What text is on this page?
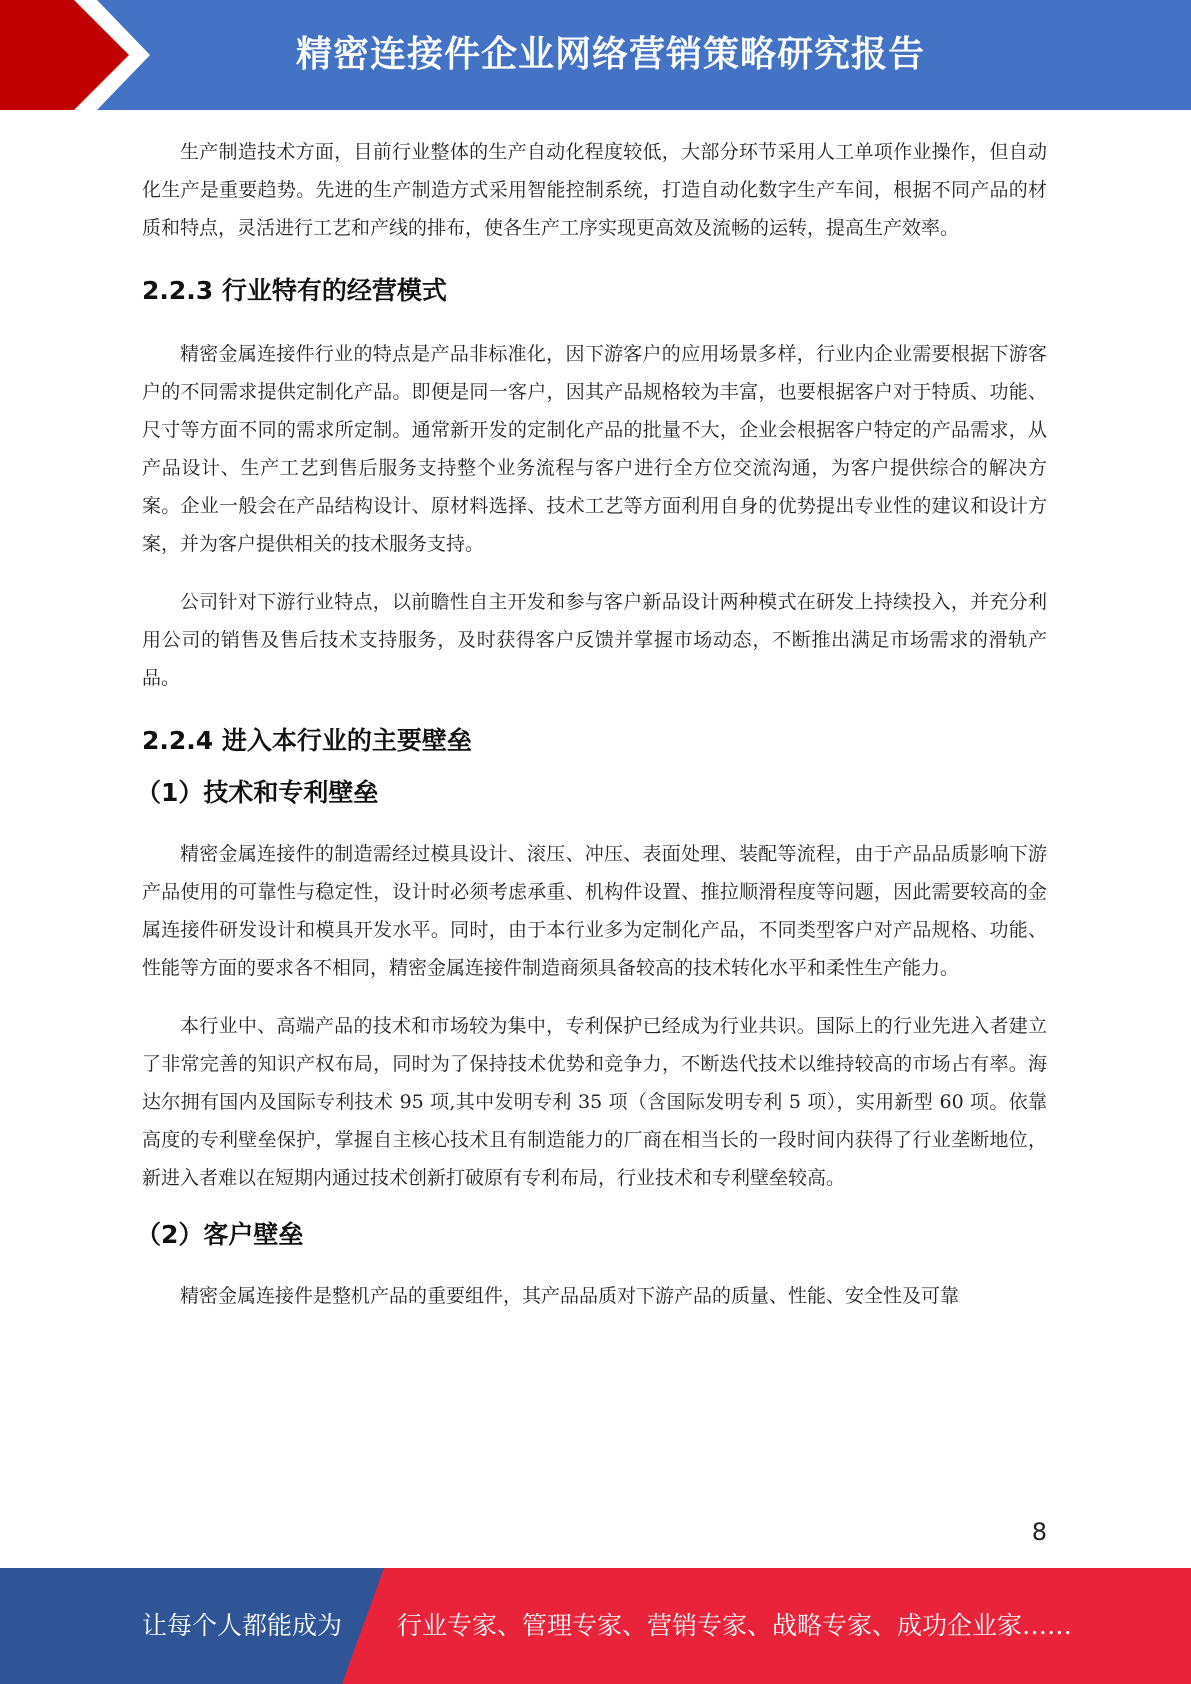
精密连接件企业网络营销策略研究报告

生产制造技术方面，目前行业整体的生产自动化程度较低，大部分环节采用人工单项作业操作，但自动化生产是重要趋势。先进的生产制造方式采用智能控制系统，打造自动化数字生产车间，根据不同产品的材质和特点，灵活进行工艺和产线的排布，使各生产工序实现更高效及流畅的运转，提高生产效率。

2.2.3 行业特有的经营模式

精密金属连接件行业的特点是产品非标准化，因下游客户的应用场景多样，行业内企业需要根据下游客户的不同需求提供定制化产品。即便是同一客户，因其产品规格较为丰富，也要根据客户对于特质、功能、尺寸等方面不同的需求所定制。通常新开发的定制化产品的批量不大，企业会根据客户特定的产品需求，从产品设计、生产工艺到售后服务支持整个业务流程与客户进行全方位交流沟通，为客户提供综合的解决方案。企业一般会在产品结构设计、原材料选择、技术工艺等方面利用自身的优势提出专业性的建议和设计方案，并为客户提供相关的技术服务支持。

公司针对下游行业特点，以前瞻性自主开发和参与客户新品设计两种模式在研发上持续投入，并充分利用公司的销售及售后技术支持服务，及时获得客户反馈并掌握市场动态，不断推出满足市场需求的滑轨产品。

2.2.4 进入本行业的主要壁垒
（1）技术和专利壁垒

精密金属连接件的制造需经过模具设计、滚压、冲压、表面处理、装配等流程，由于产品品质影响下游产品使用的可靠性与稳定性，设计时必须考虑承重、机构件设置、推拉顺滑程度等问题，因此需要较高的金属连接件研发设计和模具开发水平。同时，由于本行业多为定制化产品，不同类型客户对产品规格、功能、性能等方面的要求各不相同，精密金属连接件制造商须具备较高的技术转化水平和柔性生产能力。

本行业中、高端产品的技术和市场较为集中，专利保护已经成为行业共识。国际上的行业先进入者建立了非常完善的知识产权布局，同时为了保持技术优势和竞争力，不断迭代技术以维持较高的市场占有率。海达尔拥有国内及国际专利技术 95 项,其中发明专利 35 项（含国际发明专利 5 项），实用新型 60 项。依靠高度的专利壁垒保护，掌握自主核心技术且有制造能力的厂商在相当长的一段时间内获得了行业垄断地位，新进入者难以在短期内通过技术创新打破原有专利布局，行业技术和专利壁垒较高。

（2）客户壁垒

精密金属连接件是整机产品的重要组件，其产品品质对下游产品的质量、性能、安全性及可靠

8
让每个人都能成为 行业专家、管理专家、营销专家、战略专家、成功企业家……
